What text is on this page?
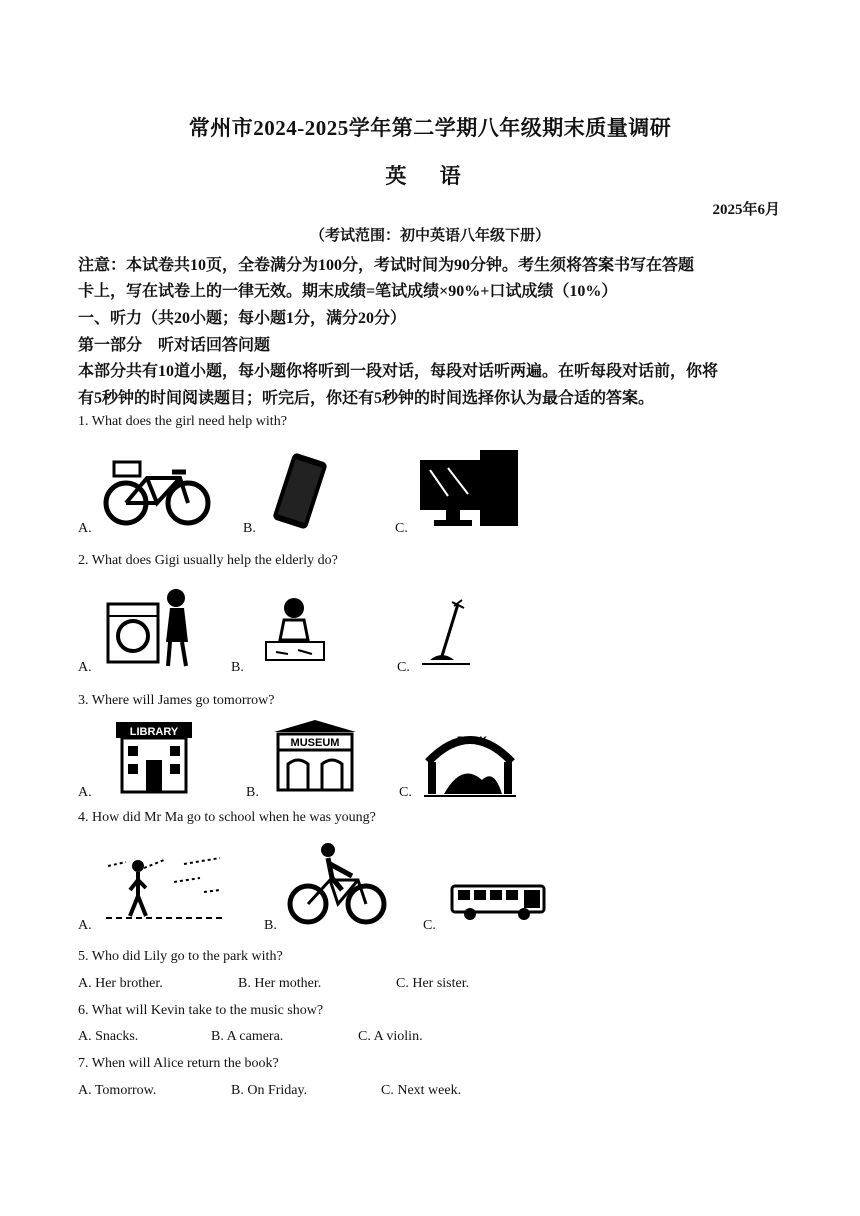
常州市2024-2025学年第二学期八年级期末质量调研
英 语
2025年6月
（考试范围：初中英语八年级下册）
注意：本试卷共10页，全卷满分为100分，考试时间为90分钟。考生须将答案书写在答题
卡上，写在试卷上的一律无效。期末成绩=笔试成绩×90%+口试成绩（10%）
一、听力（共20小题；每小题1分，满分20分）
第一部分　听对话回答问题
本部分共有10道小题，每小题你将听到一段对话，每段对话听两遍。在听每段对话前，你将
有5秒钟的时间阅读题目；听完后，你还有5秒钟的时间选择你认为最合适的答案。
1. What does the girl need help with?
A.	B.	C.
2. What does Gigi usually help the elderly do?
A.	B.	C.
3. Where will James go tomorrow?
A.
LIBRARY
B.
MUSEUM
C.
PARK
4. How did Mr Ma go to school when he was young?
A.	B.	C.
5. Who did Lily go to the park with?
A. Her brother.	B. Her mother.	C. Her sister.
6. What will Kevin take to the music show?
A. Snacks.	B. A camera.	C. A violin.
7. When will Alice return the book?
A. Tomorrow.	B. On Friday.	C. Next week.
